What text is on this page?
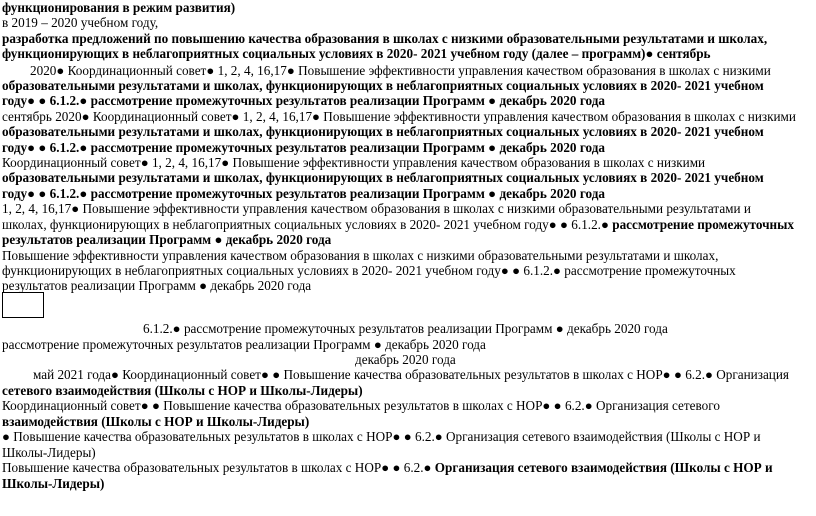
функционирования в режим развития)
в 2019 – 2020 учебном году,
разработка предложений по повышению качества образования в школах с низкими образовательными результатами и школах,
функционирующих в неблагоприятных социальных условиях в 2020- 2021 учебном году (далее – программ)● сентябрь
2020● Координационный совет● 1, 2, 4, 16,17● Повышение эффективности управления качеством образования в школах с низкими
образовательными результатами и школах, функционирующих в неблагоприятных социальных условиях в 2020- 2021 учебном
году● ● 6.1.2.● рассмотрение промежуточных результатов реализации Программ ● декабрь 2020 года
сентябрь 2020● Координационный совет● 1, 2, 4, 16,17● Повышение эффективности управления качеством образования в школах с низкими
образовательными результатами и школах, функционирующих в неблагоприятных социальных условиях в 2020- 2021 учебном
году● ● 6.1.2.● рассмотрение промежуточных результатов реализации Программ ● декабрь 2020 года
Координационный совет● 1, 2, 4, 16,17● Повышение эффективности управления качеством образования в школах с низкими
образовательными результатами и школах, функционирующих в неблагоприятных социальных условиях в 2020- 2021 учебном
году● ● 6.1.2.● рассмотрение промежуточных результатов реализации Программ ● декабрь 2020 года
1, 2, 4, 16,17● Повышение эффективности управления качеством образования в школах с низкими образовательными результатами и
школах, функционирующих в неблагоприятных социальных условиях в 2020- 2021 учебном году● ● 6.1.2.● рассмотрение промежуточных
результатов реализации Программ ● декабрь 2020 года
Повышение эффективности управления качеством образования в школах с низкими образовательными результатами и школах,
функционирующих в неблагоприятных социальных условиях в 2020- 2021 учебном году● ● 6.1.2.● рассмотрение промежуточных
результатов реализации Программ ● декабрь 2020 года
6.1.2.● рассмотрение промежуточных результатов реализации Программ ● декабрь 2020 года
рассмотрение промежуточных результатов реализации Программ ● декабрь 2020 года
декабрь 2020 года
май 2021 года● Координационный совет● ● Повышение качества образовательных результатов в школах с НОР● ● 6.2.● Организация
сетевого взаимодействия (Школы с НОР и Школы-Лидеры)
Координационный совет● ● Повышение качества образовательных результатов в школах с НОР● ● 6.2.● Организация сетевого
взаимодействия (Школы с НОР и Школы-Лидеры)
● Повышение качества образовательных результатов в школах с НОР● ● 6.2.● Организация сетевого взаимодействия (Школы с НОР и
Школы-Лидеры)
Повышение качества образовательных результатов в школах с НОР● ● 6.2.● Организация сетевого взаимодействия (Школы с НОР и
Школы-Лидеры)
